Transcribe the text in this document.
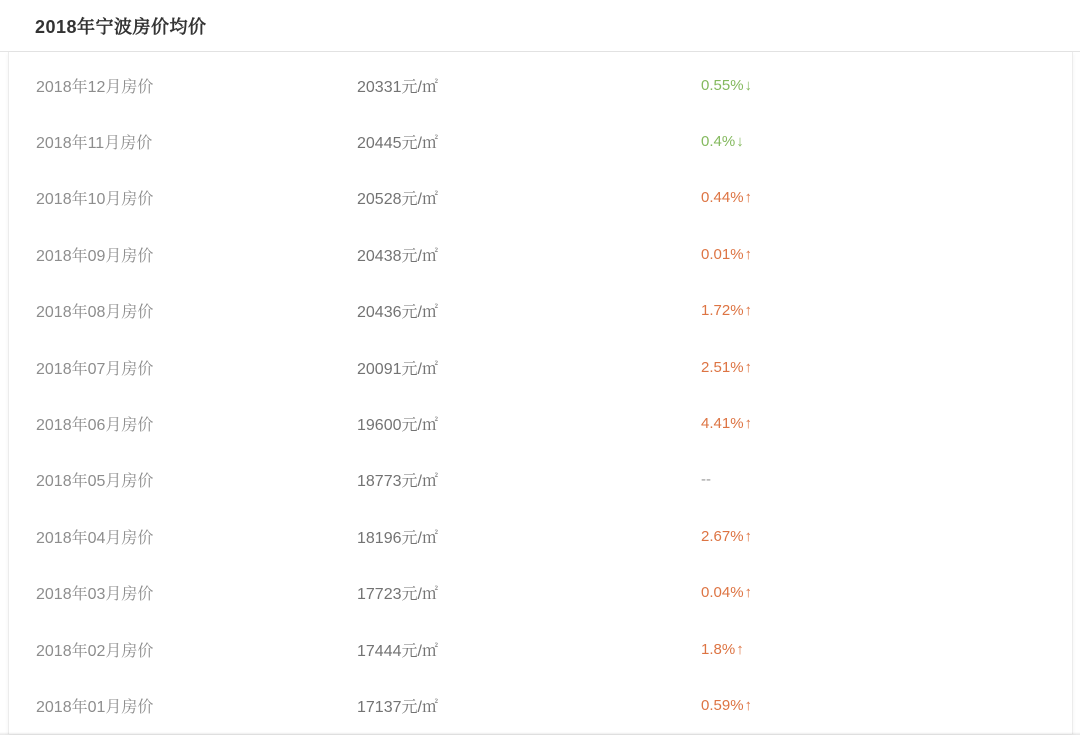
2018年宁波房价均价
2018年12月房价	20331元/㎡	0.55%↓
2018年11月房价	20445元/㎡	0.4%↓
2018年10月房价	20528元/㎡	0.44%↑
2018年09月房价	20438元/㎡	0.01%↑
2018年08月房价	20436元/㎡	1.72%↑
2018年07月房价	20091元/㎡	2.51%↑
2018年06月房价	19600元/㎡	4.41%↑
2018年05月房价	18773元/㎡	--
2018年04月房价	18196元/㎡	2.67%↑
2018年03月房价	17723元/㎡	0.04%↑
2018年02月房价	17444元/㎡	1.8%↑
2018年01月房价	17137元/㎡	0.59%↑
